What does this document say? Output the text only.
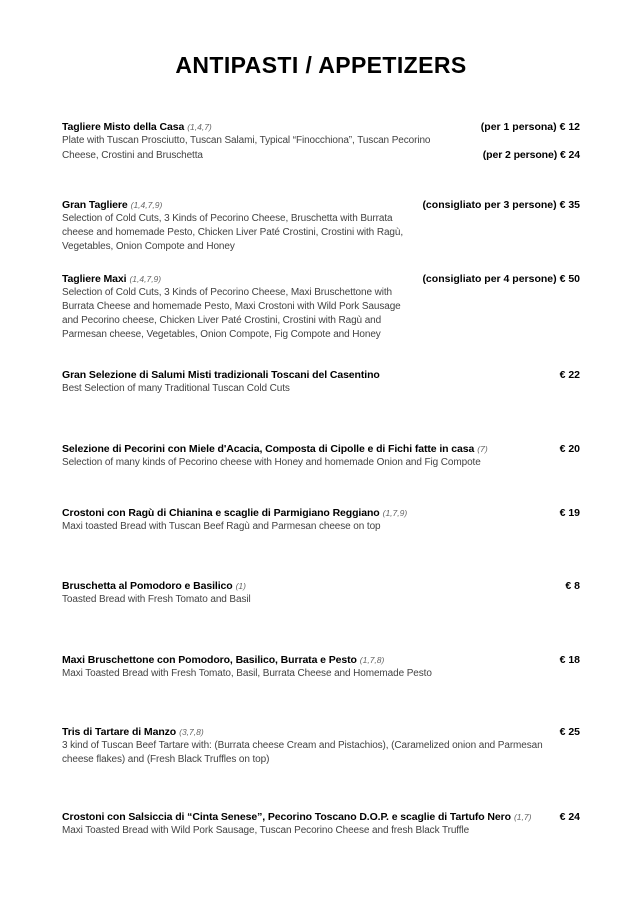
ANTIPASTI / APPETIZERS
Tagliere Misto della Casa (1,4,7)	(per 1 persona) € 12
Plate with Tuscan Prosciutto, Tuscan Salami, Typical “Finocchiona”, Tuscan Pecorino
Cheese, Crostini and Bruschetta	(per 2 persone) € 24
Gran Tagliere (1,4,7,9)	(consigliato per 3 persone) € 35
Selection of Cold Cuts, 3 Kinds of Pecorino Cheese, Bruschetta with Burrata
cheese and homemade Pesto, Chicken Liver Paté Crostini, Crostini with Ragù,
Vegetables, Onion Compote and Honey
Tagliere Maxi (1,4,7,9)	(consigliato per 4 persone) € 50
Selection of Cold Cuts, 3 Kinds of Pecorino Cheese, Maxi Bruschettone with
Burrata Cheese and homemade Pesto, Maxi Crostoni with Wild Pork Sausage
and Pecorino cheese, Chicken Liver Paté Crostini, Crostini with Ragù and
Parmesan cheese, Vegetables, Onion Compote, Fig Compote and Honey
Gran Selezione di Salumi Misti tradizionali Toscani del Casentino	€ 22
Best Selection of many Traditional Tuscan Cold Cuts
Selezione di Pecorini con Miele d'Acacia, Composta di Cipolle e di Fichi fatte in casa (7)	€ 20
Selection of many kinds of Pecorino cheese with Honey and homemade Onion and Fig Compote
Crostoni con Ragù di Chianina e scaglie di Parmigiano Reggiano (1,7,9)	€ 19
Maxi toasted Bread with Tuscan Beef Ragù and Parmesan cheese on top
Bruschetta al Pomodoro e Basilico (1)	€ 8
Toasted Bread with Fresh Tomato and Basil
Maxi Bruschettone con Pomodoro, Basilico, Burrata e Pesto (1,7,8)	€ 18
Maxi Toasted Bread with Fresh Tomato, Basil, Burrata Cheese and Homemade Pesto
Tris di Tartare di Manzo (3,7,8)	€ 25
3 kind of Tuscan Beef Tartare with: (Burrata cheese Cream and Pistachios), (Caramelized onion and Parmesan
cheese flakes) and (Fresh Black Truffles on top)
Crostoni con Salsiccia di “Cinta Senese”, Pecorino Toscano D.O.P. e scaglie di Tartufo Nero (1,7)	€ 24
Maxi Toasted Bread with Wild Pork Sausage, Tuscan Pecorino Cheese and fresh Black Truffle
